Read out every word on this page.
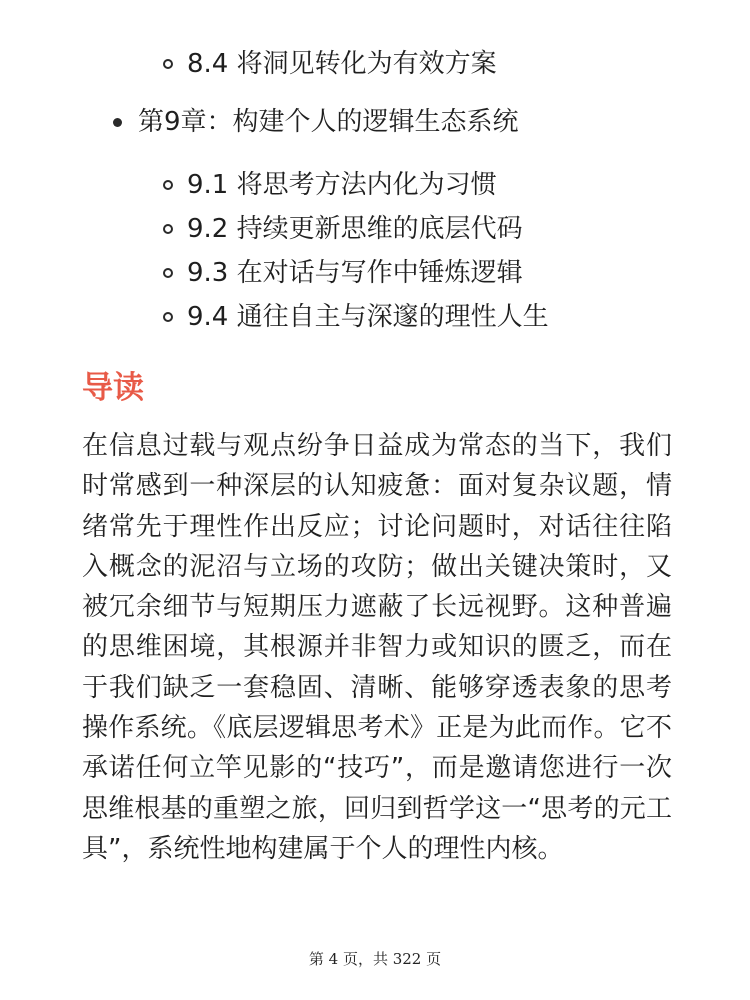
8.4 将洞见转化为有效方案
第9章：构建个人的逻辑生态系统
9.1 将思考方法内化为习惯
9.2 持续更新思维的底层代码
9.3 在对话与写作中锤炼逻辑
9.4 通往自主与深邃的理性人生
导读

在信息过载与观点纷争日益成为常态的当下，我们时常感到一种深层的认知疲惫：面对复杂议题，情绪常先于理性作出反应；讨论问题时，对话往往陷入概念的泥沼与立场的攻防；做出关键决策时，又被冗余细节与短期压力遮蔽了长远视野。这种普遍的思维困境，其根源并非智力或知识的匮乏，而在于我们缺乏一套稳固、清晰、能够穿透表象的思考操作系统。《底层逻辑思考术》正是为此而作。它不承诺任何立竿见影的“技巧”，而是邀请您进行一次思维根基的重塑之旅，回归到哲学这一“思考的元工具”，系统性地构建属于个人的理性内核。

第 4 页，共 322 页
